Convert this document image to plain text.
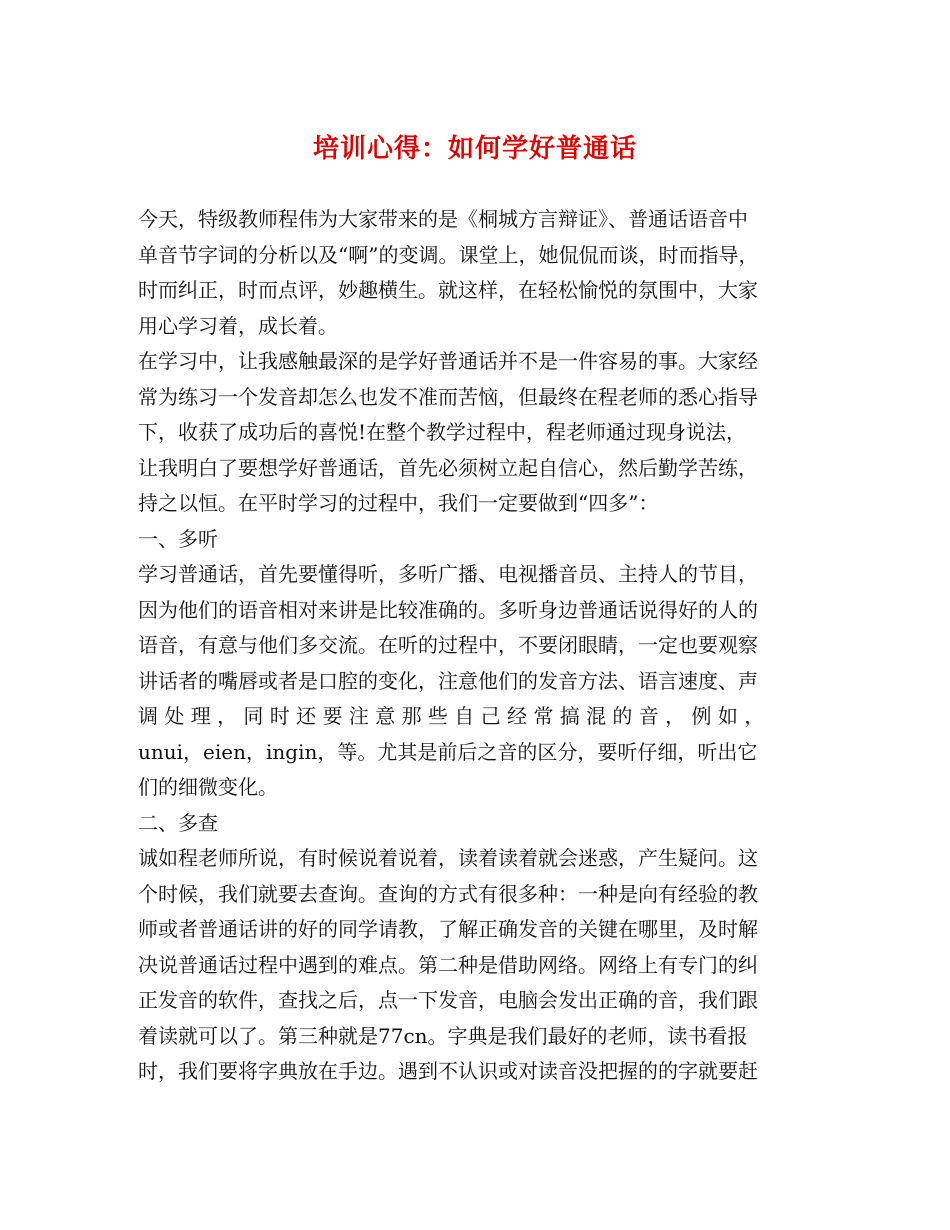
培训心得：如何学好普通话

今天，特级教师程伟为大家带来的是《桐城方言辩证》、普通话语音中

单音节字词的分析以及“啊”的变调。课堂上，她侃侃而谈，时而指导，

时而纠正，时而点评，妙趣横生。就这样，在轻松愉悦的氛围中，大家

用心学习着，成长着。

在学习中，让我感触最深的是学好普通话并不是一件容易的事。大家经

常为练习一个发音却怎么也发不准而苦恼，但最终在程老师的悉心指导

下，收获了成功后的喜悦!在整个教学过程中，程老师通过现身说法，

让我明白了要想学好普通话，首先必须树立起自信心，然后勤学苦练，

持之以恒。在平时学习的过程中，我们一定要做到“四多”：

一、多听

学习普通话，首先要懂得听，多听广播、电视播音员、主持人的节目，

因为他们的语音相对来讲是比较准确的。多听身边普通话说得好的人的

语音，有意与他们多交流。在听的过程中，不要闭眼睛，一定也要观察

讲话者的嘴唇或者是口腔的变化，注意他们的发音方法、语言速度、声

调 处 理 ， 同 时 还 要 注 意 那 些 自 己 经 常 搞 混 的 音 ， 例 如 ，

unui，eien，ingin，等。尤其是前后之音的区分，要听仔细，听出它

们的细微变化。

二、多查

诚如程老师所说，有时候说着说着，读着读着就会迷惑，产生疑问。这

个时候，我们就要去查询。查询的方式有很多种：一种是向有经验的教

师或者普通话讲的好的同学请教，了解正确发音的关键在哪里，及时解

决说普通话过程中遇到的难点。第二种是借助网络。网络上有专门的纠

正发音的软件，查找之后，点一下发音，电脑会发出正确的音，我们跟

着读就可以了。第三种就是77cn。字典是我们最好的老师，读书看报

时，我们要将字典放在手边。遇到不认识或对读音没把握的的字就要赶
